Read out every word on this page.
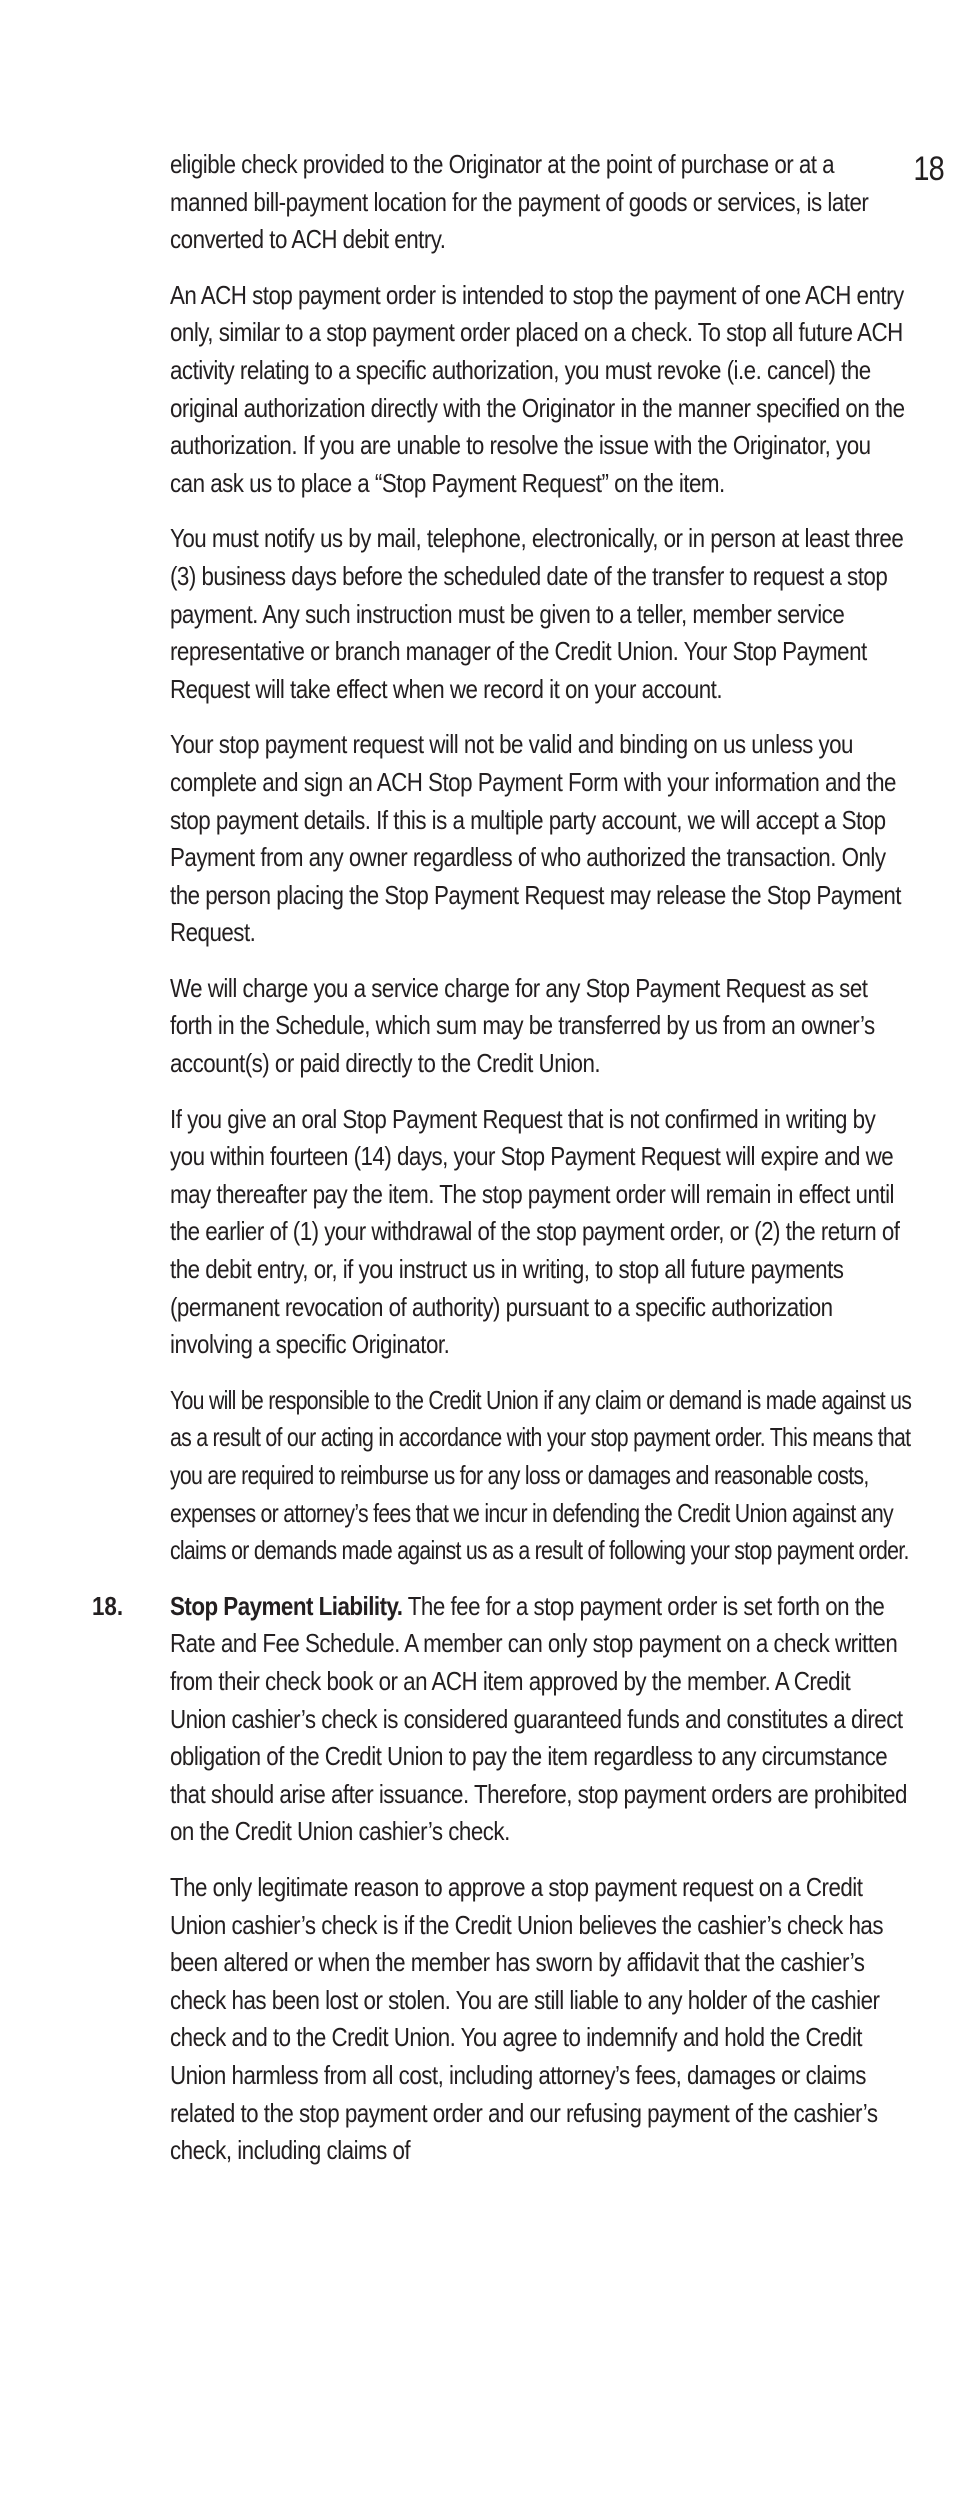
18

eligible check provided to the Originator at the point of purchase or at a manned bill-payment location for the payment of goods or services, is later converted to ACH debit entry.

An ACH stop payment order is intended to stop the payment of one ACH entry only, similar to a stop payment order placed on a check. To stop all future ACH activity relating to a specific authorization, you must revoke (i.e. cancel) the original authorization directly with the Originator in the manner specified on the authorization. If you are unable to resolve the issue with the Originator, you can ask us to place a “Stop Payment Request” on the item.

You must notify us by mail, telephone, electronically, or in person at least three (3) business days before the scheduled date of the transfer to request a stop payment. Any such instruction must be given to a teller, member service representative or branch manager of the Credit Union. Your Stop Payment Request will take effect when we record it on your account.

Your stop payment request will not be valid and binding on us unless you complete and sign an ACH Stop Payment Form with your information and the stop payment details. If this is a multiple party account, we will accept a Stop Payment from any owner regardless of who authorized the transaction. Only the person placing the Stop Payment Request may release the Stop Payment Request.

We will charge you a service charge for any Stop Payment Request as set forth in the Schedule, which sum may be transferred by us from an owner’s account(s) or paid directly to the Credit Union.

If you give an oral Stop Payment Request that is not confirmed in writing by you within fourteen (14) days, your Stop Payment Request will expire and we may thereafter pay the item. The stop payment order will remain in effect until the earlier of (1) your withdrawal of the stop payment order, or (2) the return of the debit entry, or, if you instruct us in writing, to stop all future payments (permanent revocation of authority) pursuant to a specific authorization involving a specific Originator.

You will be responsible to the Credit Union if any claim or demand is made against us as a result of our acting in accordance with your stop payment order. This means that you are required to reimburse us for any loss or damages and reasonable costs, expenses or attorney’s fees that we incur in defending the Credit Union against any claims or demands made against us as a result of following your stop payment order.

18. Stop Payment Liability. The fee for a stop payment order is set forth on the Rate and Fee Schedule. A member can only stop payment on a check written from their check book or an ACH item approved by the member. A Credit Union cashier’s check is considered guaranteed funds and constitutes a direct obligation of the Credit Union to pay the item regardless to any circumstance that should arise after issuance. Therefore, stop payment orders are prohibited on the Credit Union cashier’s check.

The only legitimate reason to approve a stop payment request on a Credit Union cashier’s check is if the Credit Union believes the cashier’s check has been altered or when the member has sworn by affidavit that the cashier’s check has been lost or stolen. You are still liable to any holder of the cashier check and to the Credit Union. You agree to indemnify and hold the Credit Union harmless from all cost, including attorney’s fees, damages or claims related to the stop payment order and our refusing payment of the cashier’s check, including claims of
